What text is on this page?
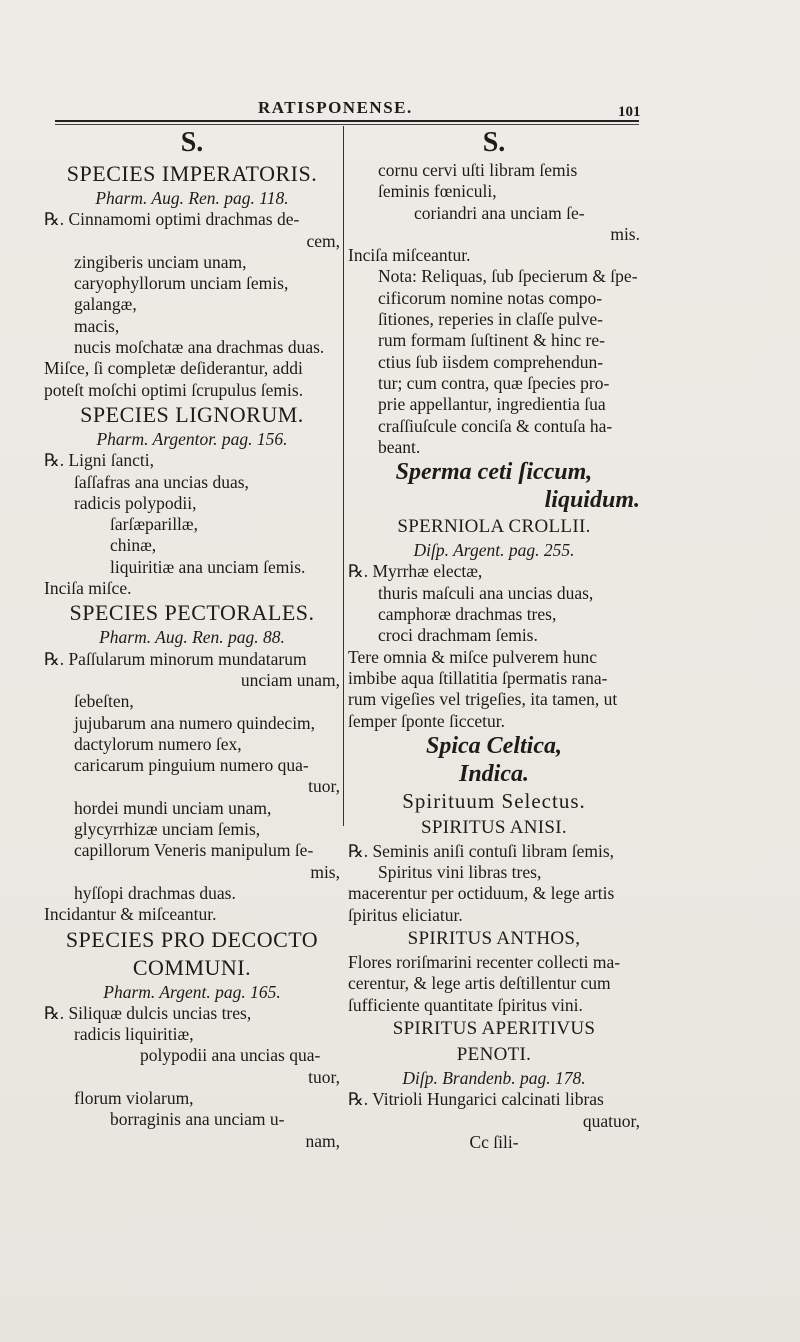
RATISPONENSE.	101
S.
SPECIES IMPERATORIS.
Pharm. Aug. Ren. pag. 118.
℞. Cinnamomi optimi drachmas de-
cem,
zingiberis unciam unam,
caryophyllorum unciam ſemis,
galangæ,
macis,
nucis moſchatæ ana drachmas duas.
Miſce, ſi completæ deſiderantur, addi
poteſt moſchi optimi ſcrupulus ſemis.
SPECIES LIGNORUM.
Pharm. Argentor. pag. 156.
℞. Ligni ſancti,
ſaſſafras ana uncias duas,
radicis polypodii,
ſarſæparillæ,
chinæ,
liquiritiæ ana unciam ſemis.
Inciſa miſce.
SPECIES PECTORALES.
Pharm. Aug. Ren. pag. 88.
℞. Paſſularum minorum mundatarum
unciam unam,
ſebeſten,
jujubarum ana numero quindecim,
dactylorum numero ſex,
caricarum pinguium numero qua-
tuor,
hordei mundi unciam unam,
glycyrrhizæ unciam ſemis,
capillorum Veneris manipulum ſe-
mis,
hyſſopi drachmas duas.
Incidantur & miſceantur.
SPECIES PRO DECOCTO
COMMUNI.
Pharm. Argent. pag. 165.
℞. Siliquæ dulcis uncias tres,
radicis liquiritiæ,
polypodii ana uncias qua-
tuor,
florum violarum,
borraginis ana unciam u-
nam,
S.
cornu cervi uſti libram ſemis
ſeminis fœniculi,
coriandri ana unciam ſe-
mis.
Inciſa miſceantur.
Nota: Reliquas, ſub ſpecierum & ſpe-
cificorum nomine notas compo-
ſitiones, reperies in claſſe pulve-
rum formam ſuſtinent & hinc re-
ctius ſub iisdem comprehendun-
tur; cum contra, quæ ſpecies pro-
prie appellantur, ingredientia ſua
craſſiuſcule conciſa & contuſa ha-
beant.
Sperma ceti ſiccum,
liquidum.
SPERNIOLA CROLLII.
Diſp. Argent. pag. 255.
℞. Myrrhæ electæ,
thuris maſculi ana uncias duas,
camphoræ drachmas tres,
croci drachmam ſemis.
Tere omnia & miſce pulverem hunc
imbibe aqua ſtillatitia ſpermatis rana-
rum vigeſies vel trigeſies, ita tamen, ut
ſemper ſponte ſiccetur.
Spica Celtica,
Indica.
Spirituum Selectus.
SPIRITUS ANISI.
℞. Seminis aniſi contuſi libram ſemis,
Spiritus vini libras tres,
macerentur per octiduum, & lege artis
ſpiritus eliciatur.
SPIRITUS ANTHOS,
Flores roriſmarini recenter collecti ma-
cerentur, & lege artis deſtillentur cum
ſufficiente quantitate ſpiritus vini.
SPIRITUS APERITIVUS
PENOTI.
Diſp. Brandenb. pag. 178.
℞. Vitrioli Hungarici calcinati libras
quatuor,
Cc ſili-
